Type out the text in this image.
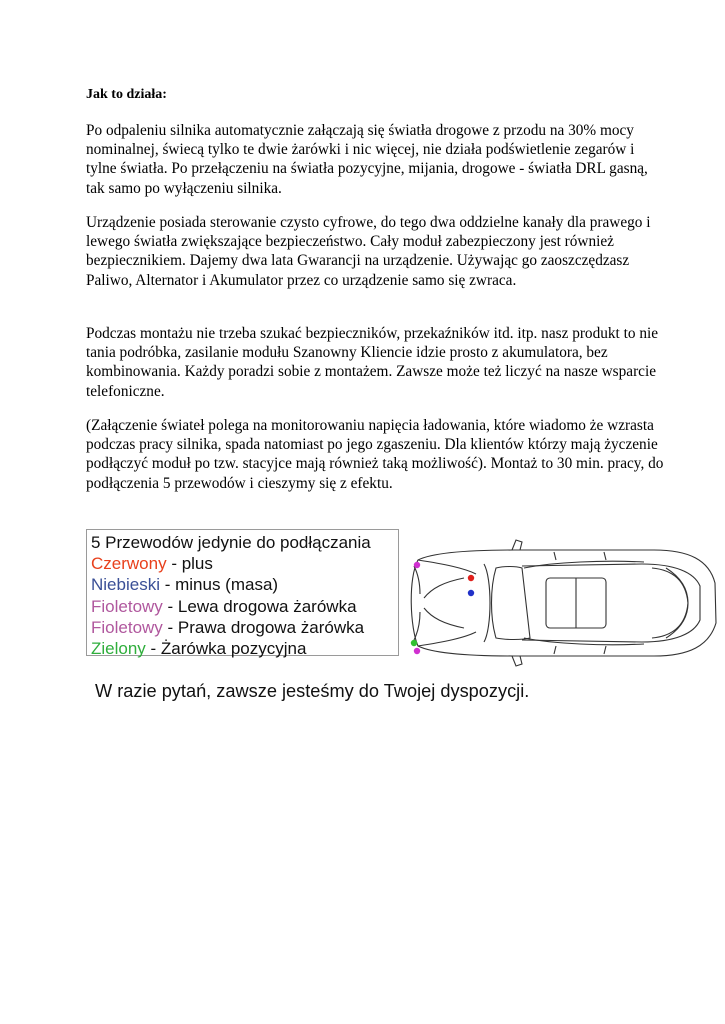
Jak to działa:

Po odpaleniu silnika automatycznie załączają się światła drogowe z przodu na 30% mocy nominalnej, świecą tylko te dwie żarówki i nic więcej, nie działa podświetlenie zegarów i tylne światła. Po przełączeniu na światła pozycyjne, mijania, drogowe - światła DRL gasną, tak samo po wyłączeniu silnika.

Urządzenie posiada sterowanie czysto cyfrowe, do tego dwa oddzielne kanały dla prawego i lewego światła zwiększające bezpieczeństwo. Cały moduł zabezpieczony jest również bezpiecznikiem. Dajemy dwa lata Gwarancji na urządzenie. Używając go zaoszczędzasz Paliwo, Alternator i Akumulator przez co urządzenie samo się zwraca.

Podczas montażu nie trzeba szukać bezpieczników, przekaźników itd. itp. nasz produkt to nie tania podróbka, zasilanie modułu Szanowny Kliencie idzie prosto z akumulatora, bez kombinowania. Każdy poradzi sobie z montażem. Zawsze może też liczyć na nasze wsparcie telefoniczne.

(Załączenie świateł polega na monitorowaniu napięcia ładowania, które wiadomo że wzrasta podczas pracy silnika, spada natomiast po jego zgaszeniu. Dla klientów którzy mają życzenie podłączyć moduł po tzw. stacyjce mają również taką możliwość). Montaż to 30 min. pracy, do podłączenia 5 przewodów i cieszymy się z efektu.

5 Przewodów jedynie do podłączania
Czerwony - plus
Niebieski - minus (masa)
Fioletowy - Lewa drogowa żarówka
Fioletowy - Prawa drogowa żarówka
Zielony - Żarówka pozycyjna
W razie pytań, zawsze jesteśmy do Twojej dyspozycji.
